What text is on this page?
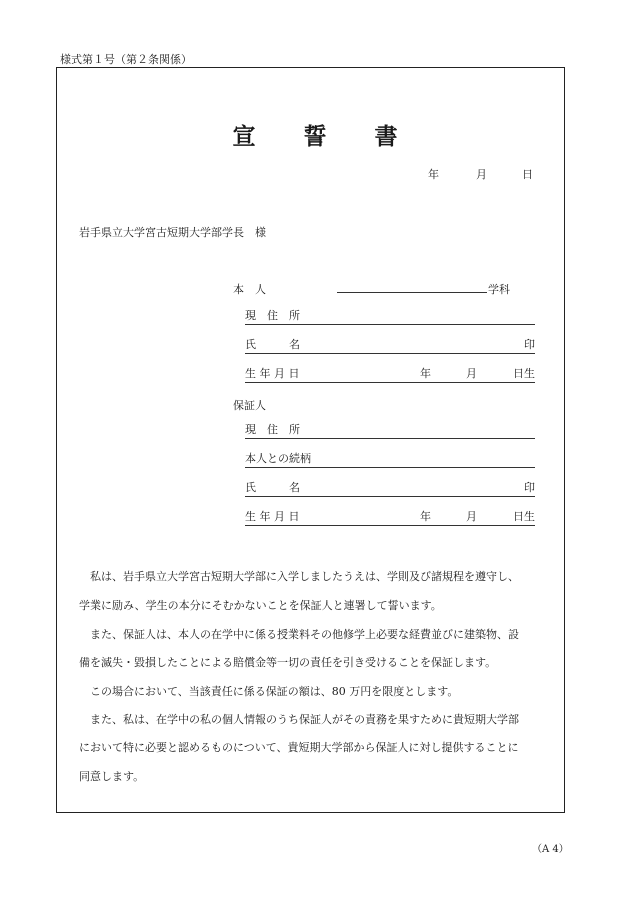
様式第１号（第２条関係）
宣 誓 書
年	月	日
岩手県立大学宮古短期大学部学長　様
本　人	学科
現　住　所
氏　　　名	印
生 年 月 日	年	月	日生
保証人
現　住　所
本人との続柄
氏　　　名	印
生 年 月 日	年	月	日生
　私は、岩手県立大学宮古短期大学部に入学しましたうえは、学則及び諸規程を遵守し、
学業に励み、学生の本分にそむかないことを保証人と連署して誓います。
　また、保証人は、本人の在学中に係る授業料その他修学上必要な経費並びに建築物、設
備を滅失・毀損したことによる賠償金等一切の責任を引き受けることを保証します。
　この場合において、当該責任に係る保証の額は、80 万円を限度とします。
　また、私は、在学中の私の個人情報のうち保証人がその責務を果すために貴短期大学部
において特に必要と認めるものについて、貴短期大学部から保証人に対し提供することに
同意します。
（A 4）
